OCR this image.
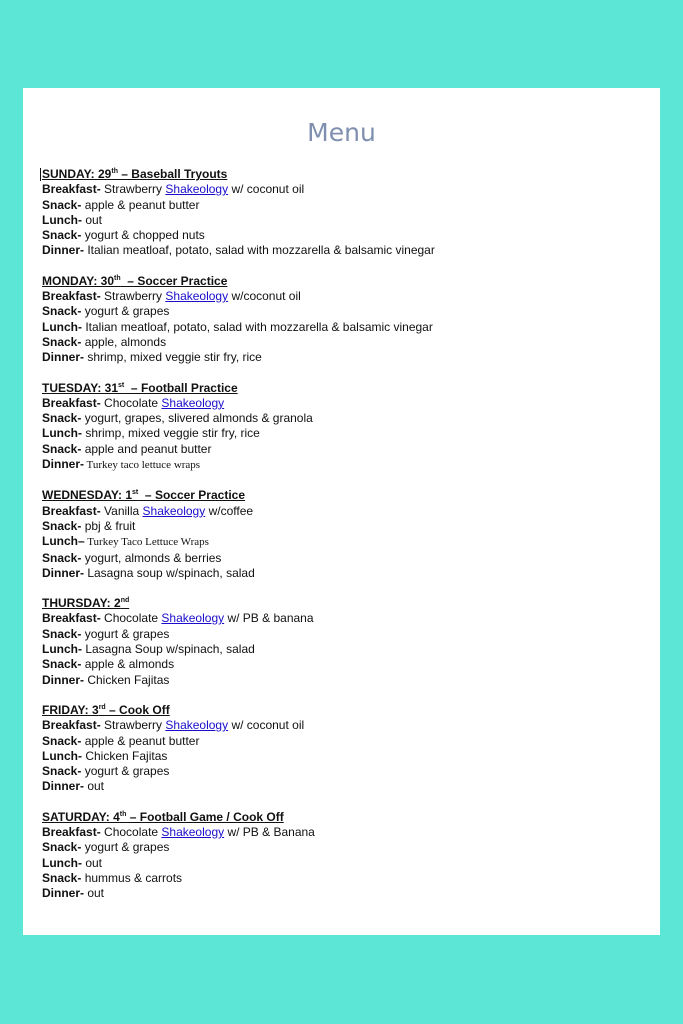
Menu
SUNDAY: 29th – Baseball Tryouts
Breakfast- Strawberry Shakeology w/ coconut oil
Snack- apple & peanut butter
Lunch- out
Snack- yogurt & chopped nuts
Dinner- Italian meatloaf, potato, salad with mozzarella & balsamic vinegar
MONDAY: 30th  – Soccer Practice
Breakfast- Strawberry Shakeology w/coconut oil
Snack- yogurt & grapes
Lunch- Italian meatloaf, potato, salad with mozzarella & balsamic vinegar
Snack- apple, almonds
Dinner- shrimp, mixed veggie stir fry, rice
TUESDAY: 31st  – Football Practice
Breakfast- Chocolate Shakeology
Snack- yogurt, grapes, slivered almonds & granola
Lunch- shrimp, mixed veggie stir fry, rice
Snack- apple and peanut butter
Dinner- Turkey taco lettuce wraps
WEDNESDAY: 1st  – Soccer Practice
Breakfast- Vanilla Shakeology w/coffee
Snack- pbj & fruit
Lunch– Turkey Taco Lettuce Wraps
Snack- yogurt, almonds & berries
Dinner- Lasagna soup w/spinach, salad
THURSDAY: 2nd
Breakfast- Chocolate Shakeology w/ PB & banana
Snack- yogurt & grapes
Lunch- Lasagna Soup w/spinach, salad
Snack- apple & almonds
Dinner- Chicken Fajitas
FRIDAY: 3rd – Cook Off
Breakfast- Strawberry Shakeology w/ coconut oil
Snack- apple & peanut butter
Lunch- Chicken Fajitas
Snack- yogurt & grapes
Dinner- out
SATURDAY: 4th – Football Game / Cook Off
Breakfast- Chocolate Shakeology w/ PB & Banana
Snack- yogurt & grapes
Lunch- out
Snack- hummus & carrots
Dinner- out
